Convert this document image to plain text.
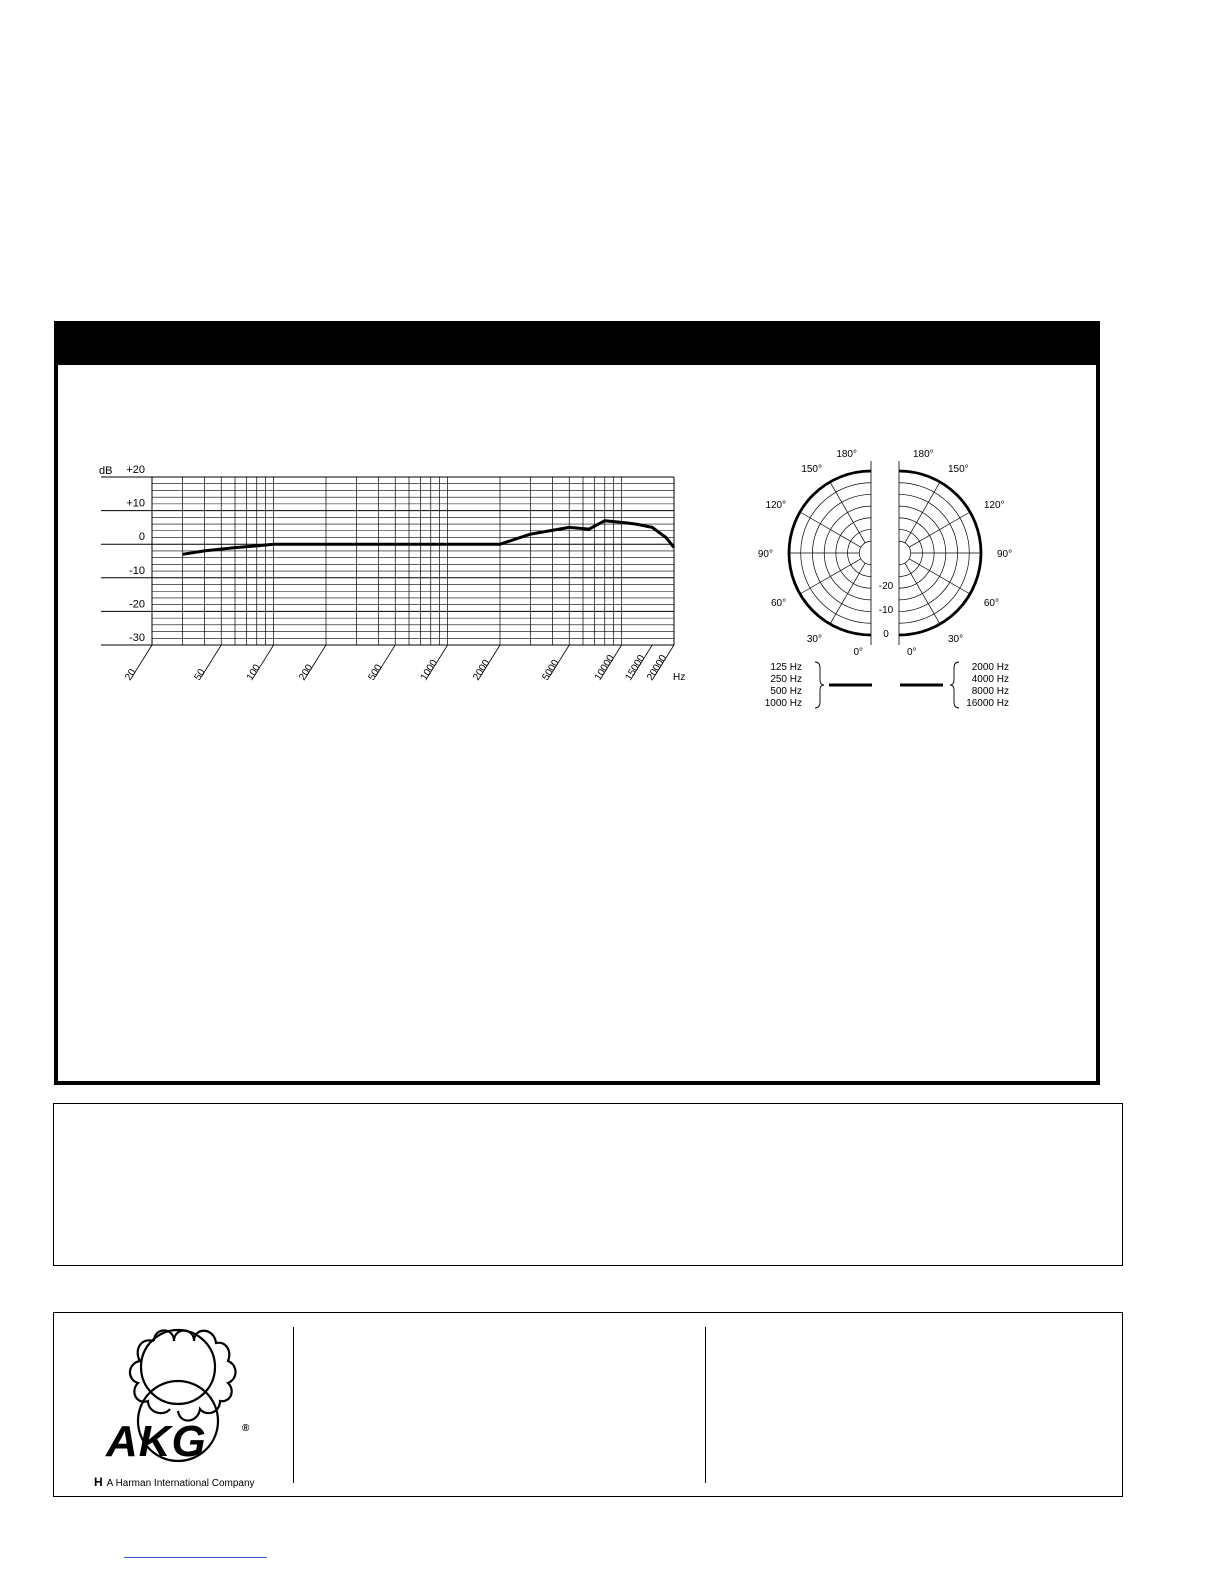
+20
+10
0
-10
-20
-30
20	50	100	200	500	1000	2000	5000	10000 15000
20000
dB
Hz
180°
150°
120°
90°
60°
30°
0°
180°
150°
120°
90°
60°
30°
0°
-20
-10
0
125 Hz
250 Hz
500 Hz
1000 Hz
2000 Hz
4000 Hz
8000 Hz
16000 Hz
AKG	®
H A Harman International Company
